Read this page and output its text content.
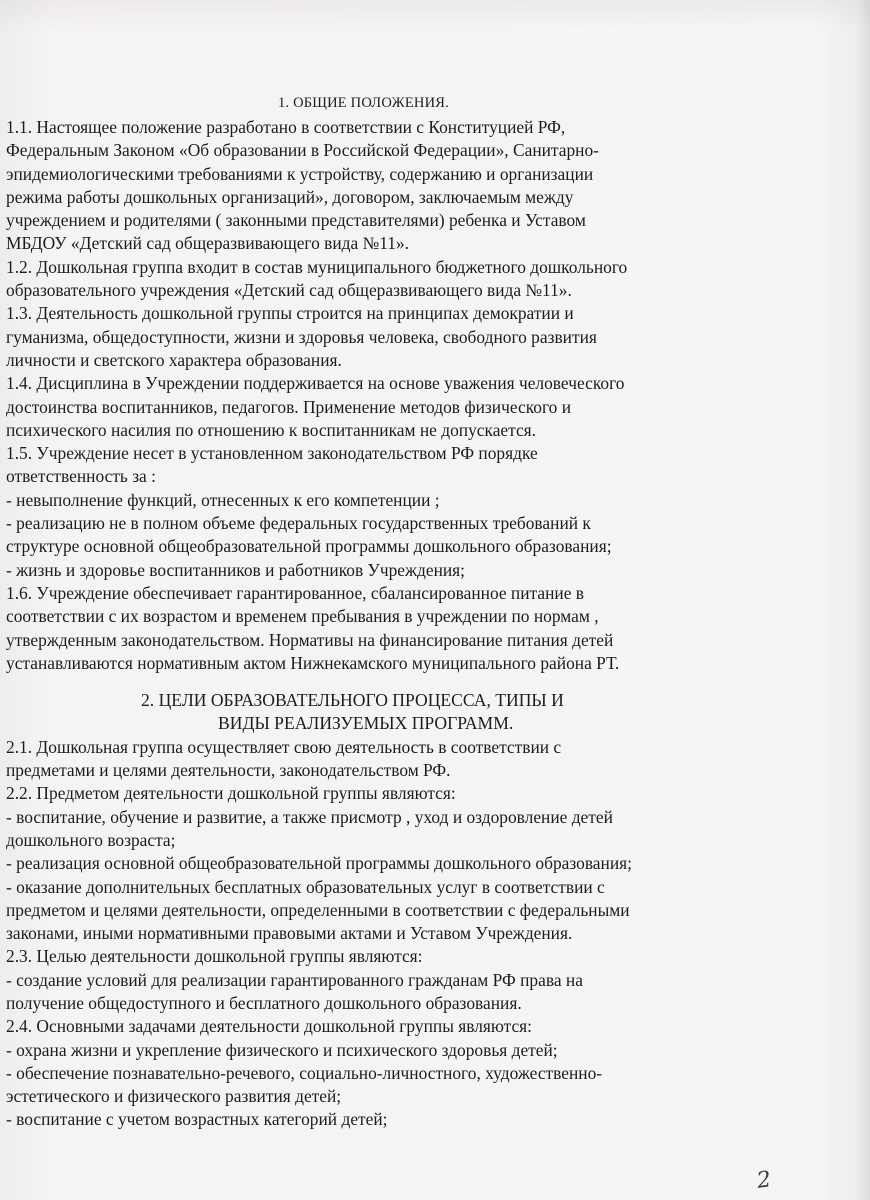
1. ОБЩИЕ ПОЛОЖЕНИЯ.
1.1. Настоящее положение разработано в соответствии с Конституцией РФ,
Федеральным Законом «Об образовании в Российской Федерации», Санитарно-
эпидемиологическими требованиями к устройству, содержанию и организации
режима работы дошкольных организаций», договором, заключаемым между
учреждением и родителями ( законными представителями) ребенка и Уставом
МБДОУ «Детский сад общеразвивающего вида №11».
1.2. Дошкольная группа входит в состав муниципального бюджетного дошкольного
образовательного учреждения «Детский сад общеразвивающего вида №11».
1.3. Деятельность дошкольной группы строится на принципах демократии и
гуманизма, общедоступности, жизни и здоровья человека, свободного развития
личности и светского характера образования.
1.4. Дисциплина в Учреждении поддерживается на основе уважения человеческого
достоинства воспитанников, педагогов. Применение методов физического и
психического насилия по отношению к воспитанникам не допускается.
1.5. Учреждение несет в установленном законодательством РФ порядке
ответственность за :
- невыполнение функций, отнесенных к его компетенции ;
- реализацию не в полном объеме федеральных государственных требований к
структуре основной общеобразовательной программы дошкольного образования;
- жизнь и здоровье воспитанников и работников Учреждения;
1.6. Учреждение обеспечивает гарантированное, сбалансированное питание в
соответствии с их возрастом и временем пребывания в учреждении по нормам ,
утвержденным законодательством. Нормативы на финансирование питания детей
устанавливаются нормативным актом Нижнекамского муниципального района РТ.
2. ЦЕЛИ ОБРАЗОВАТЕЛЬНОГО ПРОЦЕССА, ТИПЫ И
ВИДЫ РЕАЛИЗУЕМЫХ ПРОГРАММ.
2.1. Дошкольная группа осуществляет свою деятельность в соответствии с
предметами и целями деятельности, законодательством РФ.
2.2. Предметом деятельности дошкольной группы являются:
- воспитание, обучение и развитие, а также присмотр , уход и оздоровление детей
дошкольного возраста;
- реализация основной общеобразовательной программы дошкольного образования;
- оказание дополнительных бесплатных образовательных услуг в соответствии с
предметом и целями деятельности, определенными в соответствии с федеральными
законами, иными нормативными правовыми актами и Уставом Учреждения.
2.3. Целью деятельности дошкольной группы являются:
- создание условий для реализации гарантированного гражданам РФ права на
получение общедоступного и бесплатного дошкольного образования.
2.4. Основными задачами деятельности дошкольной группы являются:
- охрана жизни и укрепление физического и психического здоровья детей;
- обеспечение познавательно-речевого, социально-личностного, художественно-
эстетического и физического развития детей;
- воспитание с учетом возрастных категорий детей;
2
